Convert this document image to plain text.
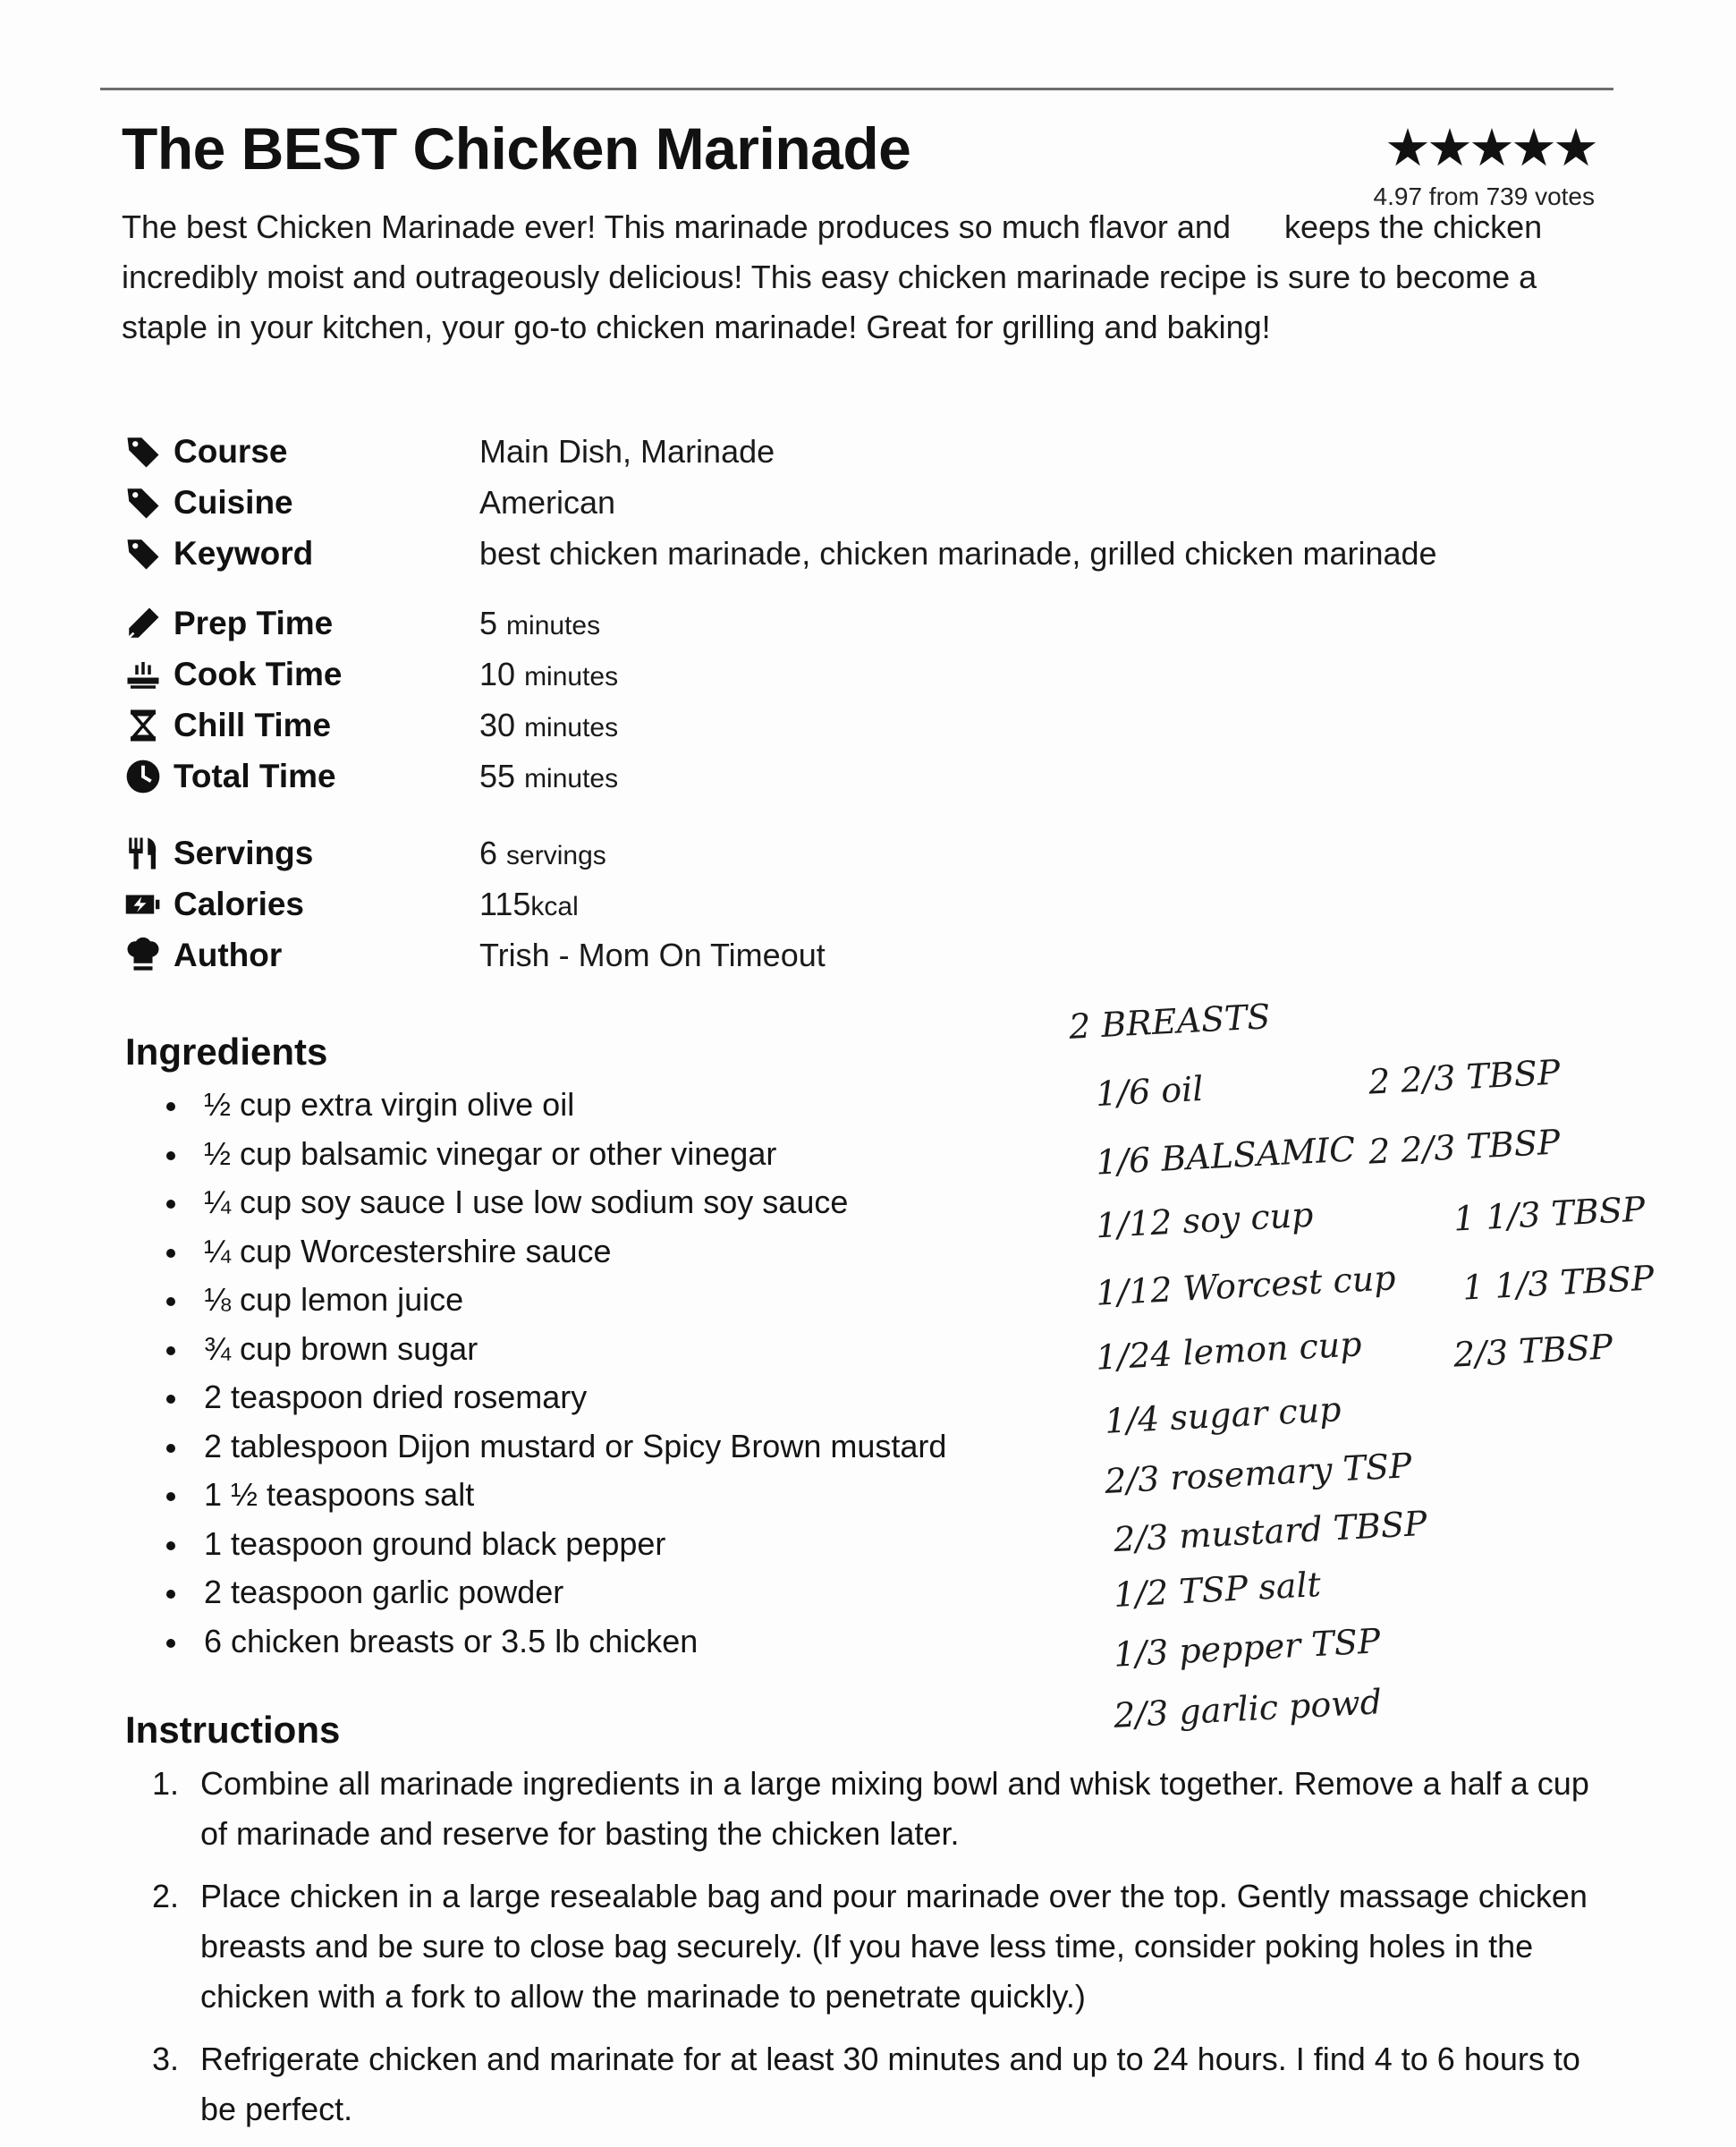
The BEST Chicken Marinade	★★★★★
4.97 from 739 votes

The best Chicken Marinade ever! This marinade produces so much flavor and keeps the chicken incredibly moist and outrageously delicious! This easy chicken marinade recipe is sure to become a staple in your kitchen, your go-to chicken marinade! Great for grilling and baking!

Course	Main Dish, Marinade
Cuisine	American
Keyword	best chicken marinade, chicken marinade, grilled chicken marinade
Prep Time	5 minutes
Cook Time	10 minutes
Chill Time	30 minutes
Total Time	55 minutes
Servings	6 servings
Calories	115kcal
Author	Trish - Mom On Timeout
Ingredients
½ cup extra virgin olive oil
½ cup balsamic vinegar or other vinegar
¼ cup soy sauce I use low sodium soy sauce
¼ cup Worcestershire sauce
⅛ cup lemon juice
¾ cup brown sugar
2 teaspoon dried rosemary
2 tablespoon Dijon mustard or Spicy Brown mustard
1 ½ teaspoons salt
1 teaspoon ground black pepper
2 teaspoon garlic powder
6 chicken breasts or 3.5 lb chicken
2 BREASTS
1/6 oil	2 2/3 TBSP
1/6 BALSAMIC 2 2/3 TBSP
1/12 soy cup	1 1/3 TBSP
1/12 Worcest cup 1 1/3 TBSP
1/24 lemon cup	2/3 TBSP
1/4 sugar cup
2/3 rosemary TSP
2/3 mustard TBSP
1/2 TSP salt
1/3 pepper TSP
2/3 garlic powd
Instructions
1. Combine all marinade ingredients in a large mixing bowl and whisk together. Remove a half a cup of marinade and reserve for basting the chicken later.
2. Place chicken in a large resealable bag and pour marinade over the top. Gently massage chicken breasts and be sure to close bag securely. (If you have less time, consider poking holes in the chicken with a fork to allow the marinade to penetrate quickly.)
3. Refrigerate chicken and marinate for at least 30 minutes and up to 24 hours. I find 4 to 6 hours to be perfect.
